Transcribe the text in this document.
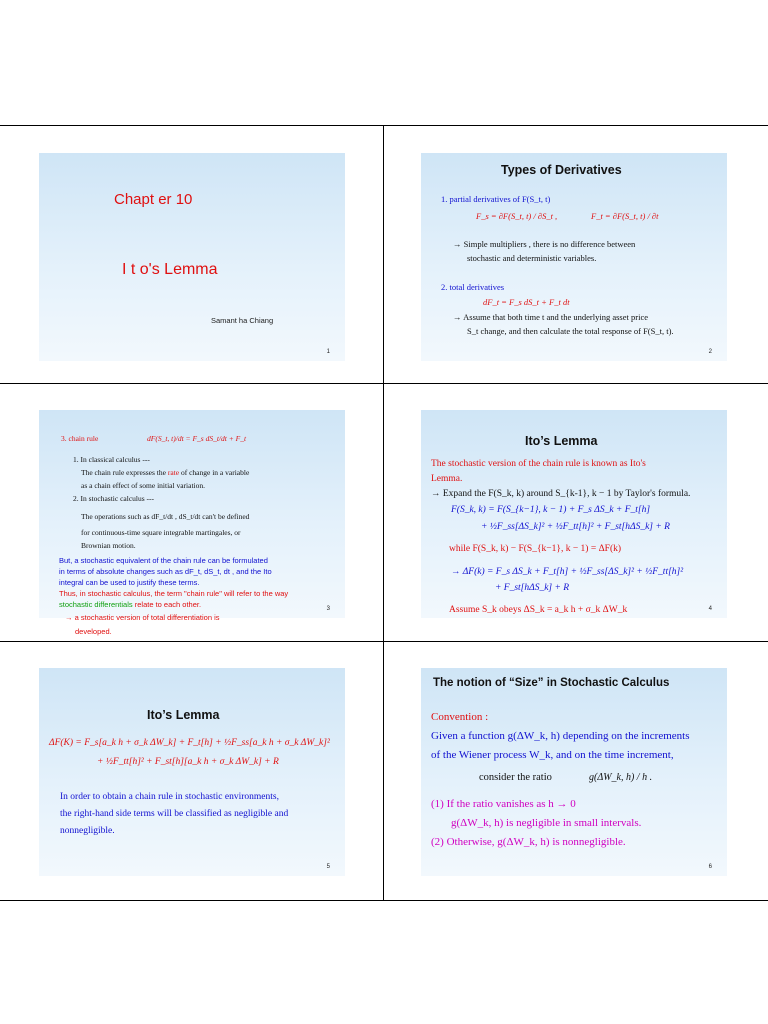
Chapt er 10
I t o's Lemma
Samant ha Chiang
1
Types of Derivatives
1. partial derivatives of F(S_t, t)
F_s = ∂F(S_t, t) / ∂S_t ,	F_t = ∂F(S_t, t) / ∂t
→ Simple multipliers , there is no difference between
stochastic and deterministic variables.
2. total derivatives
dF_t = F_s dS_t + F_t dt
→ Assume that both time t and the underlying asset price
S_t change, and then calculate the total response of F(S_t, t).
2
3. chain rule	dF(S_t, t)/dt = F_s dS_t/dt + F_t
1. In classical calculus ---
The chain rule expresses the rate of change in a variable
as a chain effect of some initial variation.
2. In stochastic calculus ---
The operations such as dF_t/dt , dS_t/dt can't be defined
for continuous-time square integrable martingales, or
Brownian motion.
But, a stochastic equivalent of the chain rule can be formulated
in terms of absolute changes such as dF_t, dS_t, dt , and the Ito
integral can be used to justify these terms.
Thus, in stochastic calculus, the term "chain rule" will refer to the way
stochastic differentials relate to each other.
→ a stochastic version of total differentiation is
developed.
3
Ito’s Lemma
The stochastic version of the chain rule is known as Ito's
Lemma.
→ Expand the F(S_k, k) around S_{k-1}, k − 1 by Taylor's formula.
F(S_k, k) = F(S_{k−1}, k − 1) + F_s ΔS_k + F_t[h]
+ ½F_ss[ΔS_k]² + ½F_tt[h]² + F_st[hΔS_k] + R
while F(S_k, k) − F(S_{k−1}, k − 1) = ΔF(k)
→ ΔF(k) = F_s ΔS_k + F_t[h] + ½F_ss[ΔS_k]² + ½F_tt[h]²
+ F_st[hΔS_k] + R
Assume S_k obeys ΔS_k = a_k h + σ_k ΔW_k	4
Ito’s Lemma
ΔF(K) = F_s[a_k h + σ_k ΔW_k] + F_t[h] + ½F_ss[a_k h + σ_k ΔW_k]²
+ ½F_tt[h]² + F_st[h][a_k h + σ_k ΔW_k] + R
In order to obtain a chain rule in stochastic environments,
the right-hand side terms will be classified as negligible and
nonnegligible.
5
The notion of “Size” in Stochastic Calculus
Convention :
Given a function g(ΔW_k, h) depending on the increments
of the Wiener process W_k, and on the time increment,
consider the ratio	g(ΔW_k, h) / h .
(1) If the ratio vanishes as h → 0
g(ΔW_k, h) is negligible in small intervals.
(2) Otherwise, g(ΔW_k, h) is nonnegligible.
6
